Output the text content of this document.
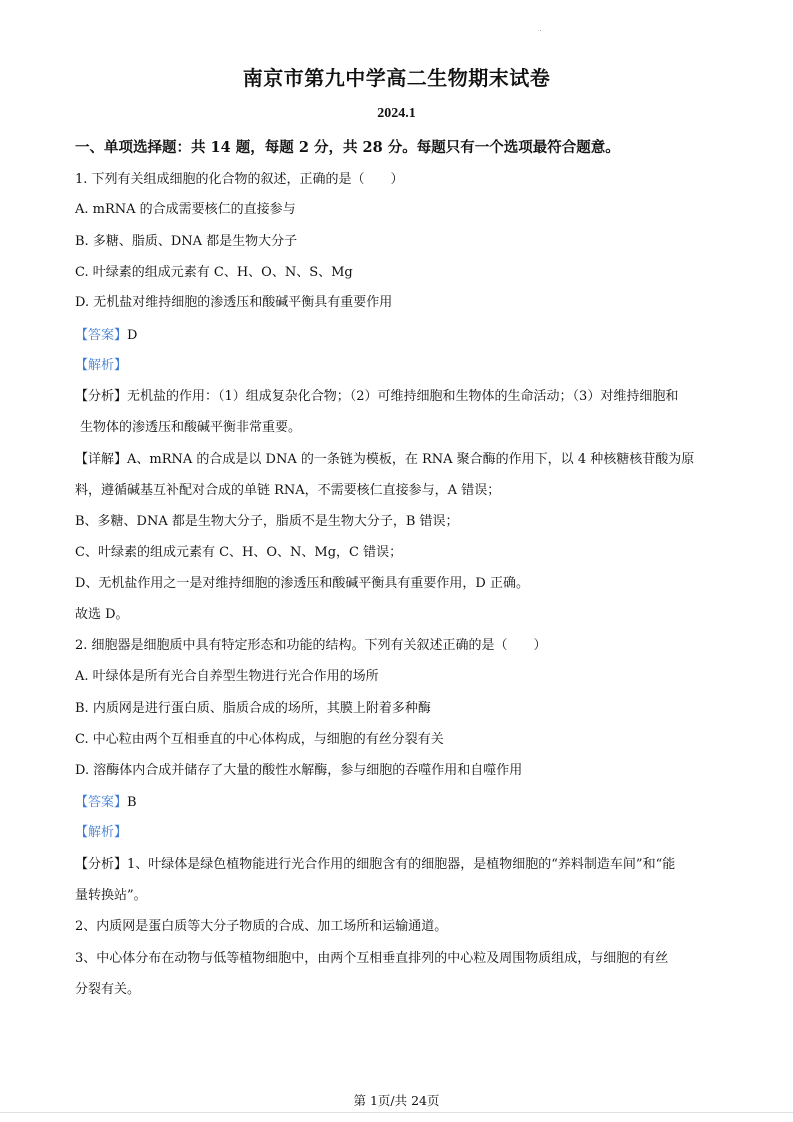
南京市第九中学高二生物期末试卷
2024.1
一、单项选择题：共 14 题，每题 2 分，共 28 分。每题只有一个选项最符合题意。
1. 下列有关组成细胞的化合物的叙述，正确的是（　　）
A. mRNA 的合成需要核仁的直接参与
B. 多糖、脂质、DNA 都是生物大分子
C. 叶绿素的组成元素有 C、H、O、N、S、Mg
D. 无机盐对维持细胞的渗透压和酸碱平衡具有重要作用
【答案】D
【解析】
【分析】无机盐的作用：（1）组成复杂化合物；（2）可维持细胞和生物体的生命活动；（3）对维持细胞和
生物体的渗透压和酸碱平衡非常重要。
【详解】A、mRNA 的合成是以 DNA 的一条链为模板，在 RNA 聚合酶的作用下，以 4 种核糖核苷酸为原
料，遵循碱基互补配对合成的单链 RNA，不需要核仁直接参与，A 错误；
B、多糖、DNA 都是生物大分子，脂质不是生物大分子，B 错误；
C、叶绿素的组成元素有 C、H、O、N、Mg，C 错误；
D、无机盐作用之一是对维持细胞的渗透压和酸碱平衡具有重要作用，D 正确。
故选 D。
2. 细胞器是细胞质中具有特定形态和功能的结构。下列有关叙述正确的是（　　）
A. 叶绿体是所有光合自养型生物进行光合作用的场所
B. 内质网是进行蛋白质、脂质合成的场所，其膜上附着多种酶
C. 中心粒由两个互相垂直的中心体构成，与细胞的有丝分裂有关
D. 溶酶体内合成并储存了大量的酸性水解酶，参与细胞的吞噬作用和自噬作用
【答案】B
【解析】
【分析】1、叶绿体是绿色植物能进行光合作用的细胞含有的细胞器，是植物细胞的“养料制造车间”和“能
量转换站”。
2、内质网是蛋白质等大分子物质的合成、加工场所和运输通道。
3、中心体分布在动物与低等植物细胞中，由两个互相垂直排列的中心粒及周围物质组成，与细胞的有丝
分裂有关。
第 1页/共 24页
